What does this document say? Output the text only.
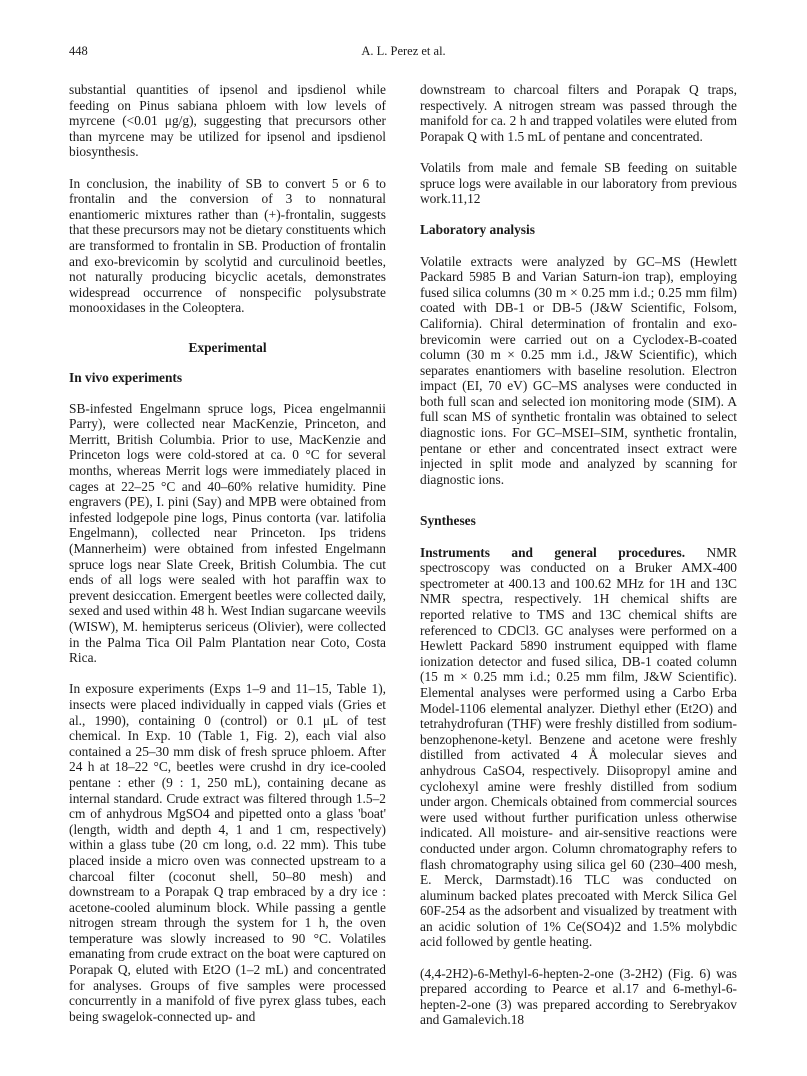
448	A. L. Perez et al.

substantial quantities of ipsenol and ipsdienol while feeding on Pinus sabiana phloem with low levels of myrcene (<0.01 μg/g), suggesting that precursors other than myrcene may be utilized for ipsenol and ipsdienol biosynthesis.

In conclusion, the inability of SB to convert 5 or 6 to frontalin and the conversion of 3 to nonnatural enantiomeric mixtures rather than (+)-frontalin, suggests that these precursors may not be dietary constituents which are transformed to frontalin in SB. Production of frontalin and exo-brevicomin by scolytid and curculinoid beetles, not naturally producing bicyclic acetals, demonstrates widespread occurrence of nonspecific polysubstrate monooxidases in the Coleoptera.

Experimental
In vivo experiments

SB-infested Engelmann spruce logs, Picea engelmannii Parry), were collected near MacKenzie, Princeton, and Merritt, British Columbia. Prior to use, MacKenzie and Princeton logs were cold-stored at ca. 0 °C for several months, whereas Merrit logs were immediately placed in cages at 22–25 °C and 40–60% relative humidity. Pine engravers (PE), I. pini (Say) and MPB were obtained from infested lodgepole pine logs, Pinus contorta (var. latifolia Engelmann), collected near Princeton. Ips tridens (Mannerheim) were obtained from infested Engelmann spruce logs near Slate Creek, British Columbia. The cut ends of all logs were sealed with hot paraffin wax to prevent desiccation. Emergent beetles were collected daily, sexed and used within 48 h. West Indian sugarcane weevils (WISW), M. hemipterus sericeus (Olivier), were collected in the Palma Tica Oil Palm Plantation near Coto, Costa Rica.

In exposure experiments (Exps 1–9 and 11–15, Table 1), insects were placed individually in capped vials (Gries et al., 1990), containing 0 (control) or 0.1 μL of test chemical. In Exp. 10 (Table 1, Fig. 2), each vial also contained a 25–30 mm disk of fresh spruce phloem. After 24 h at 18–22 °C, beetles were crushd in dry ice-cooled pentane : ether (9 : 1, 250 mL), containing decane as internal standard. Crude extract was filtered through 1.5–2 cm of anhydrous MgSO4 and pipetted onto a glass 'boat' (length, width and depth 4, 1 and 1 cm, respectively) within a glass tube (20 cm long, o.d. 22 mm). This tube placed inside a micro oven was connected upstream to a charcoal filter (coconut shell, 50–80 mesh) and downstream to a Porapak Q trap embraced by a dry ice : acetone-cooled aluminum block. While passing a gentle nitrogen stream through the system for 1 h, the oven temperature was slowly increased to 90 °C. Volatiles emanating from crude extract on the boat were captured on Porapak Q, eluted with Et2O (1–2 mL) and concentrated for analyses. Groups of five samples were processed concurrently in a manifold of five pyrex glass tubes, each being swagelok-connected up- and

downstream to charcoal filters and Porapak Q traps, respectively. A nitrogen stream was passed through the manifold for ca. 2 h and trapped volatiles were eluted from Porapak Q with 1.5 mL of pentane and concentrated.

Volatils from male and female SB feeding on suitable spruce logs were available in our laboratory from previous work.11,12

Laboratory analysis

Volatile extracts were analyzed by GC–MS (Hewlett Packard 5985 B and Varian Saturn-ion trap), employing fused silica columns (30 m × 0.25 mm i.d.; 0.25 mm film) coated with DB-1 or DB-5 (J&W Scientific, Folsom, California). Chiral determination of frontalin and exo-brevicomin were carried out on a Cyclodex-B-coated column (30 m × 0.25 mm i.d., J&W Scientific), which separates enantiomers with baseline resolution. Electron impact (EI, 70 eV) GC–MS analyses were conducted in both full scan and selected ion monitoring mode (SIM). A full scan MS of synthetic frontalin was obtained to select diagnostic ions. For GC–MSEI–SIM, synthetic frontalin, pentane or ether and concentrated insect extract were injected in split mode and analyzed by scanning for diagnostic ions.

Syntheses

Instruments and general procedures. NMR spectroscopy was conducted on a Bruker AMX-400 spectrometer at 400.13 and 100.62 MHz for 1H and 13C NMR spectra, respectively. 1H chemical shifts are reported relative to TMS and 13C chemical shifts are referenced to CDCl3. GC analyses were performed on a Hewlett Packard 5890 instrument equipped with flame ionization detector and fused silica, DB-1 coated column (15 m × 0.25 mm i.d.; 0.25 mm film, J&W Scientific). Elemental analyses were performed using a Carbo Erba Model-1106 elemental analyzer. Diethyl ether (Et2O) and tetrahydrofuran (THF) were freshly distilled from sodium-benzophenone-ketyl. Benzene and acetone were freshly distilled from activated 4 Å molecular sieves and anhydrous CaSO4, respectively. Diisopropyl amine and cyclohexyl amine were freshly distilled from sodium under argon. Chemicals obtained from commercial sources were used without further purification unless otherwise indicated. All moisture- and air-sensitive reactions were conducted under argon. Column chromatography refers to flash chromatography using silica gel 60 (230–400 mesh, E. Merck, Darmstadt).16 TLC was conducted on aluminum backed plates precoated with Merck Silica Gel 60F-254 as the adsorbent and visualized by treatment with an acidic solution of 1% Ce(SO4)2 and 1.5% molybdic acid followed by gentle heating.

(4,4-2H2)-6-Methyl-6-hepten-2-one (3-2H2) (Fig. 6) was prepared according to Pearce et al.17 and 6-methyl-6-hepten-2-one (3) was prepared according to Serebryakov and Gamalevich.18
